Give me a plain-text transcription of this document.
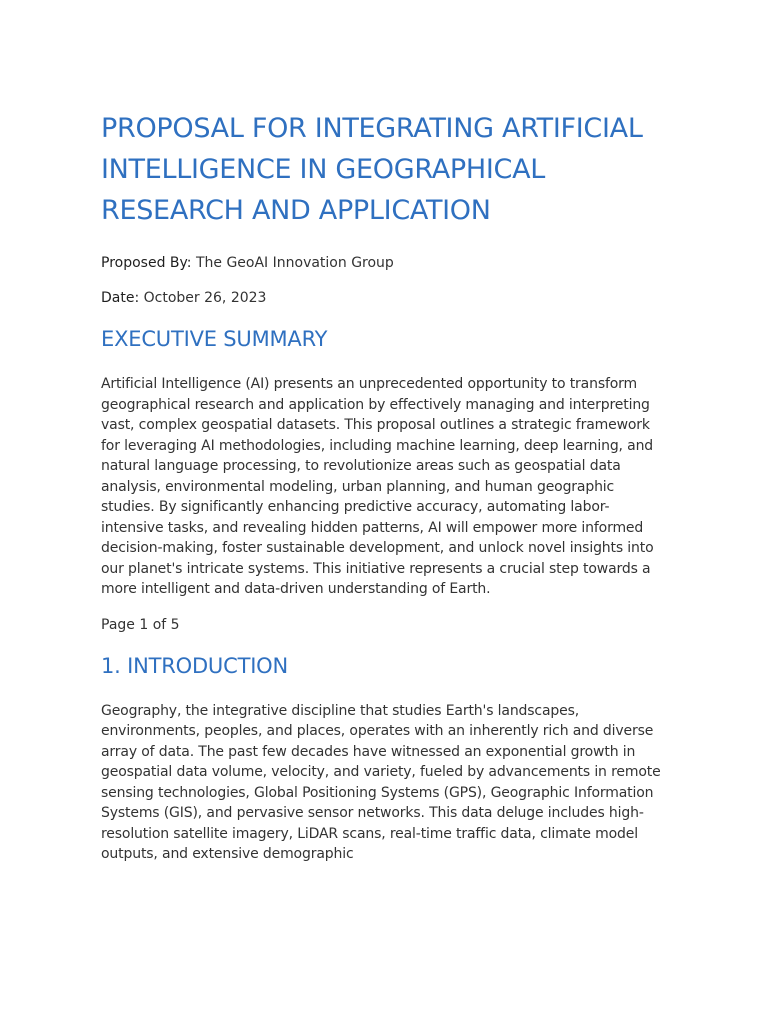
PROPOSAL FOR INTEGRATING ARTIFICIAL INTELLIGENCE IN GEOGRAPHICAL RESEARCH AND APPLICATION

Proposed By: The GeoAI Innovation Group

Date: October 26, 2023

EXECUTIVE SUMMARY

Artificial Intelligence (AI) presents an unprecedented opportunity to transform geographical research and application by effectively managing and interpreting vast, complex geospatial datasets. This proposal outlines a strategic framework for leveraging AI methodologies, including machine learning, deep learning, and natural language processing, to revolutionize areas such as geospatial data analysis, environmental modeling, urban planning, and human geographic studies. By significantly enhancing predictive accuracy, automating labor-intensive tasks, and revealing hidden patterns, AI will empower more informed decision-making, foster sustainable development, and unlock novel insights into our planet's intricate systems. This initiative represents a crucial step towards a more intelligent and data-driven understanding of Earth.

Page 1 of 5

1. INTRODUCTION

Geography, the integrative discipline that studies Earth's landscapes, environments, peoples, and places, operates with an inherently rich and diverse array of data. The past few decades have witnessed an exponential growth in geospatial data volume, velocity, and variety, fueled by advancements in remote sensing technologies, Global Positioning Systems (GPS), Geographic Information Systems (GIS), and pervasive sensor networks. This data deluge includes high-resolution satellite imagery, LiDAR scans, real-time traffic data, climate model outputs, and extensive demographic
